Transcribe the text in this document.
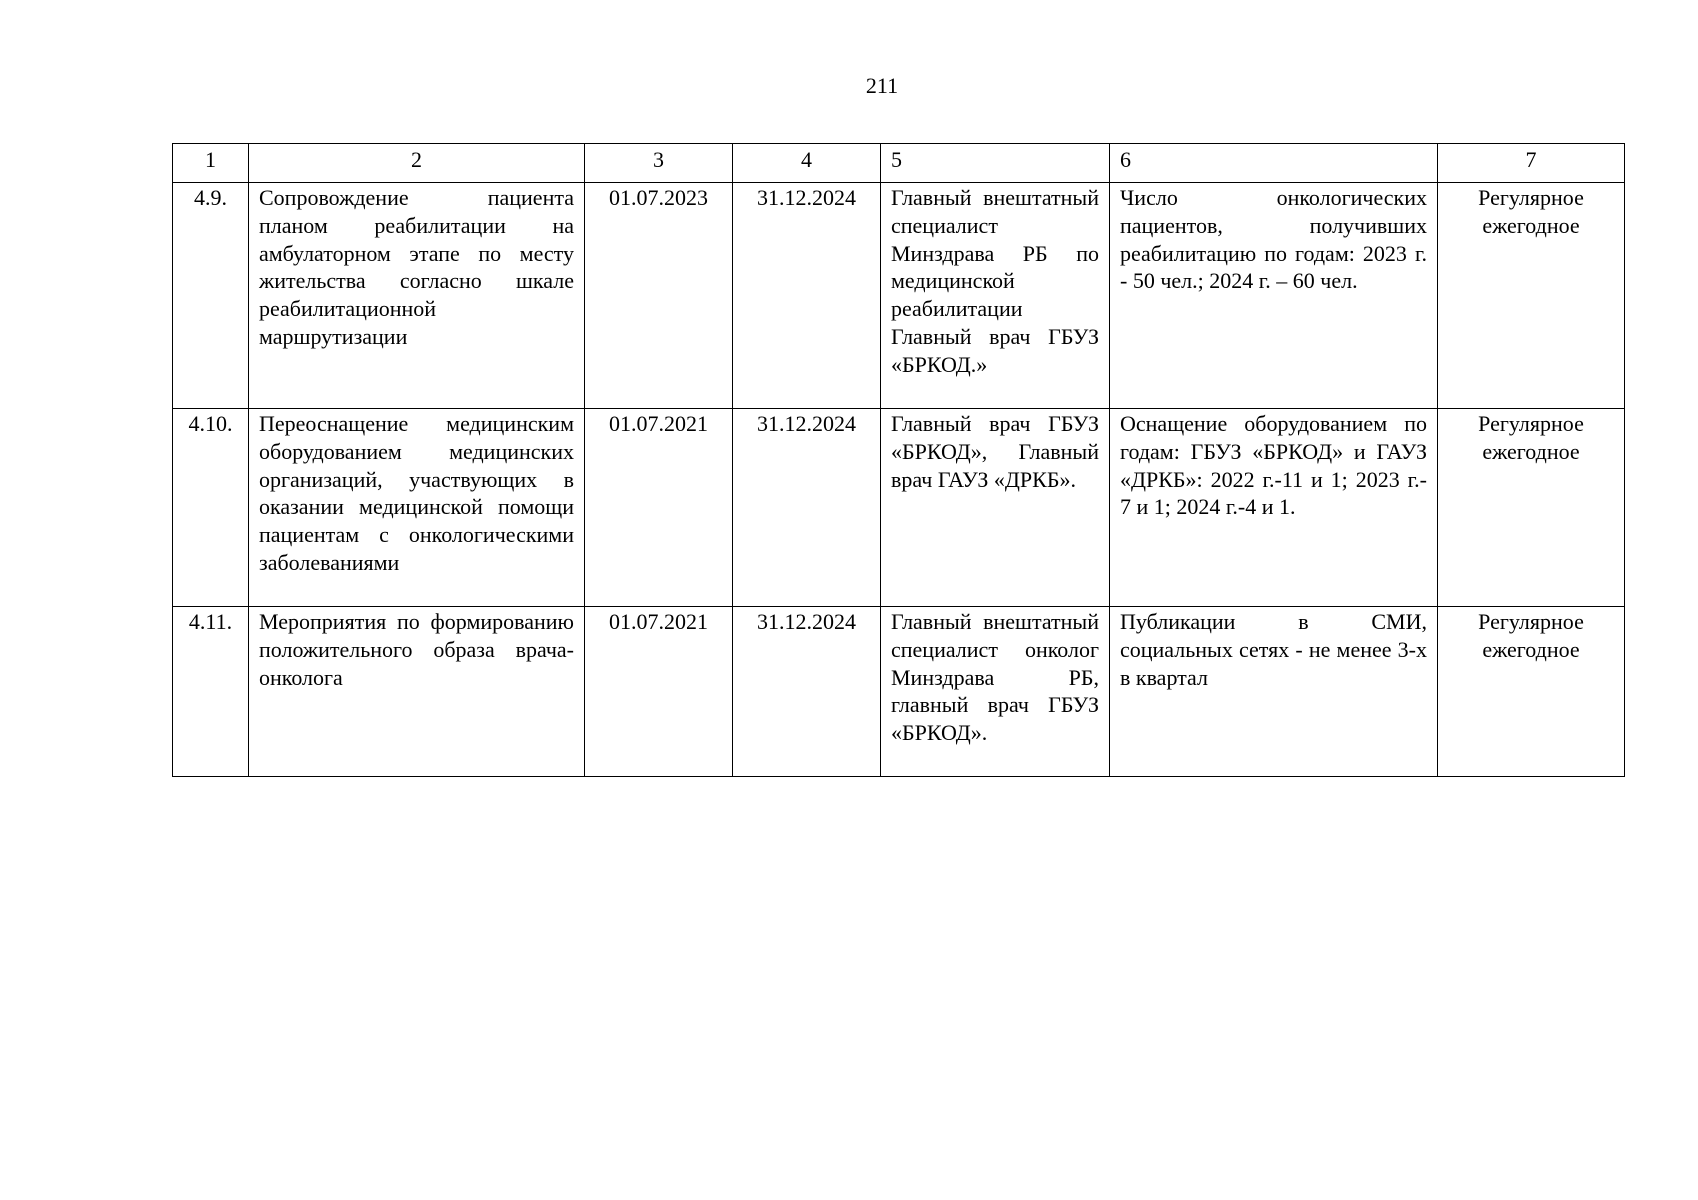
211
1	2	3	4	5	6	7
4.9.	Сопровождение пациента планом реабилитации на амбулаторном этапе по месту жительства согласно шкале реабилитационной маршрутизации	01.07.2023	31.12.2024	Главный внештатный специалист Минздрава РБ по медицинской реабилитации Главный врач ГБУЗ «БРКОД.»	Число онкологических пациентов, получивших реабилитацию по годам: 2023 г. - 50 чел.; 2024 г. – 60 чел.	Регулярное ежегодное
4.10.	Переоснащение медицинским оборудованием медицинских организаций, участвующих в оказании медицинской помощи пациентам с онкологическими заболеваниями	01.07.2021	31.12.2024	Главный врач ГБУЗ «БРКОД», Главный врач ГАУЗ «ДРКБ».	Оснащение оборудованием по годам: ГБУЗ «БРКОД» и ГАУЗ «ДРКБ»: 2022 г.-11 и 1; 2023 г.- 7 и 1; 2024 г.-4 и 1.	Регулярное ежегодное
4.11.	Мероприятия по формированию положительного образа врача-онколога	01.07.2021	31.12.2024	Главный внештатный специалист онколог Минздрава РБ, главный врач ГБУЗ «БРКОД».	Публикации в СМИ, социальных сетях - не менее 3-х в квартал	Регулярное ежегодное
